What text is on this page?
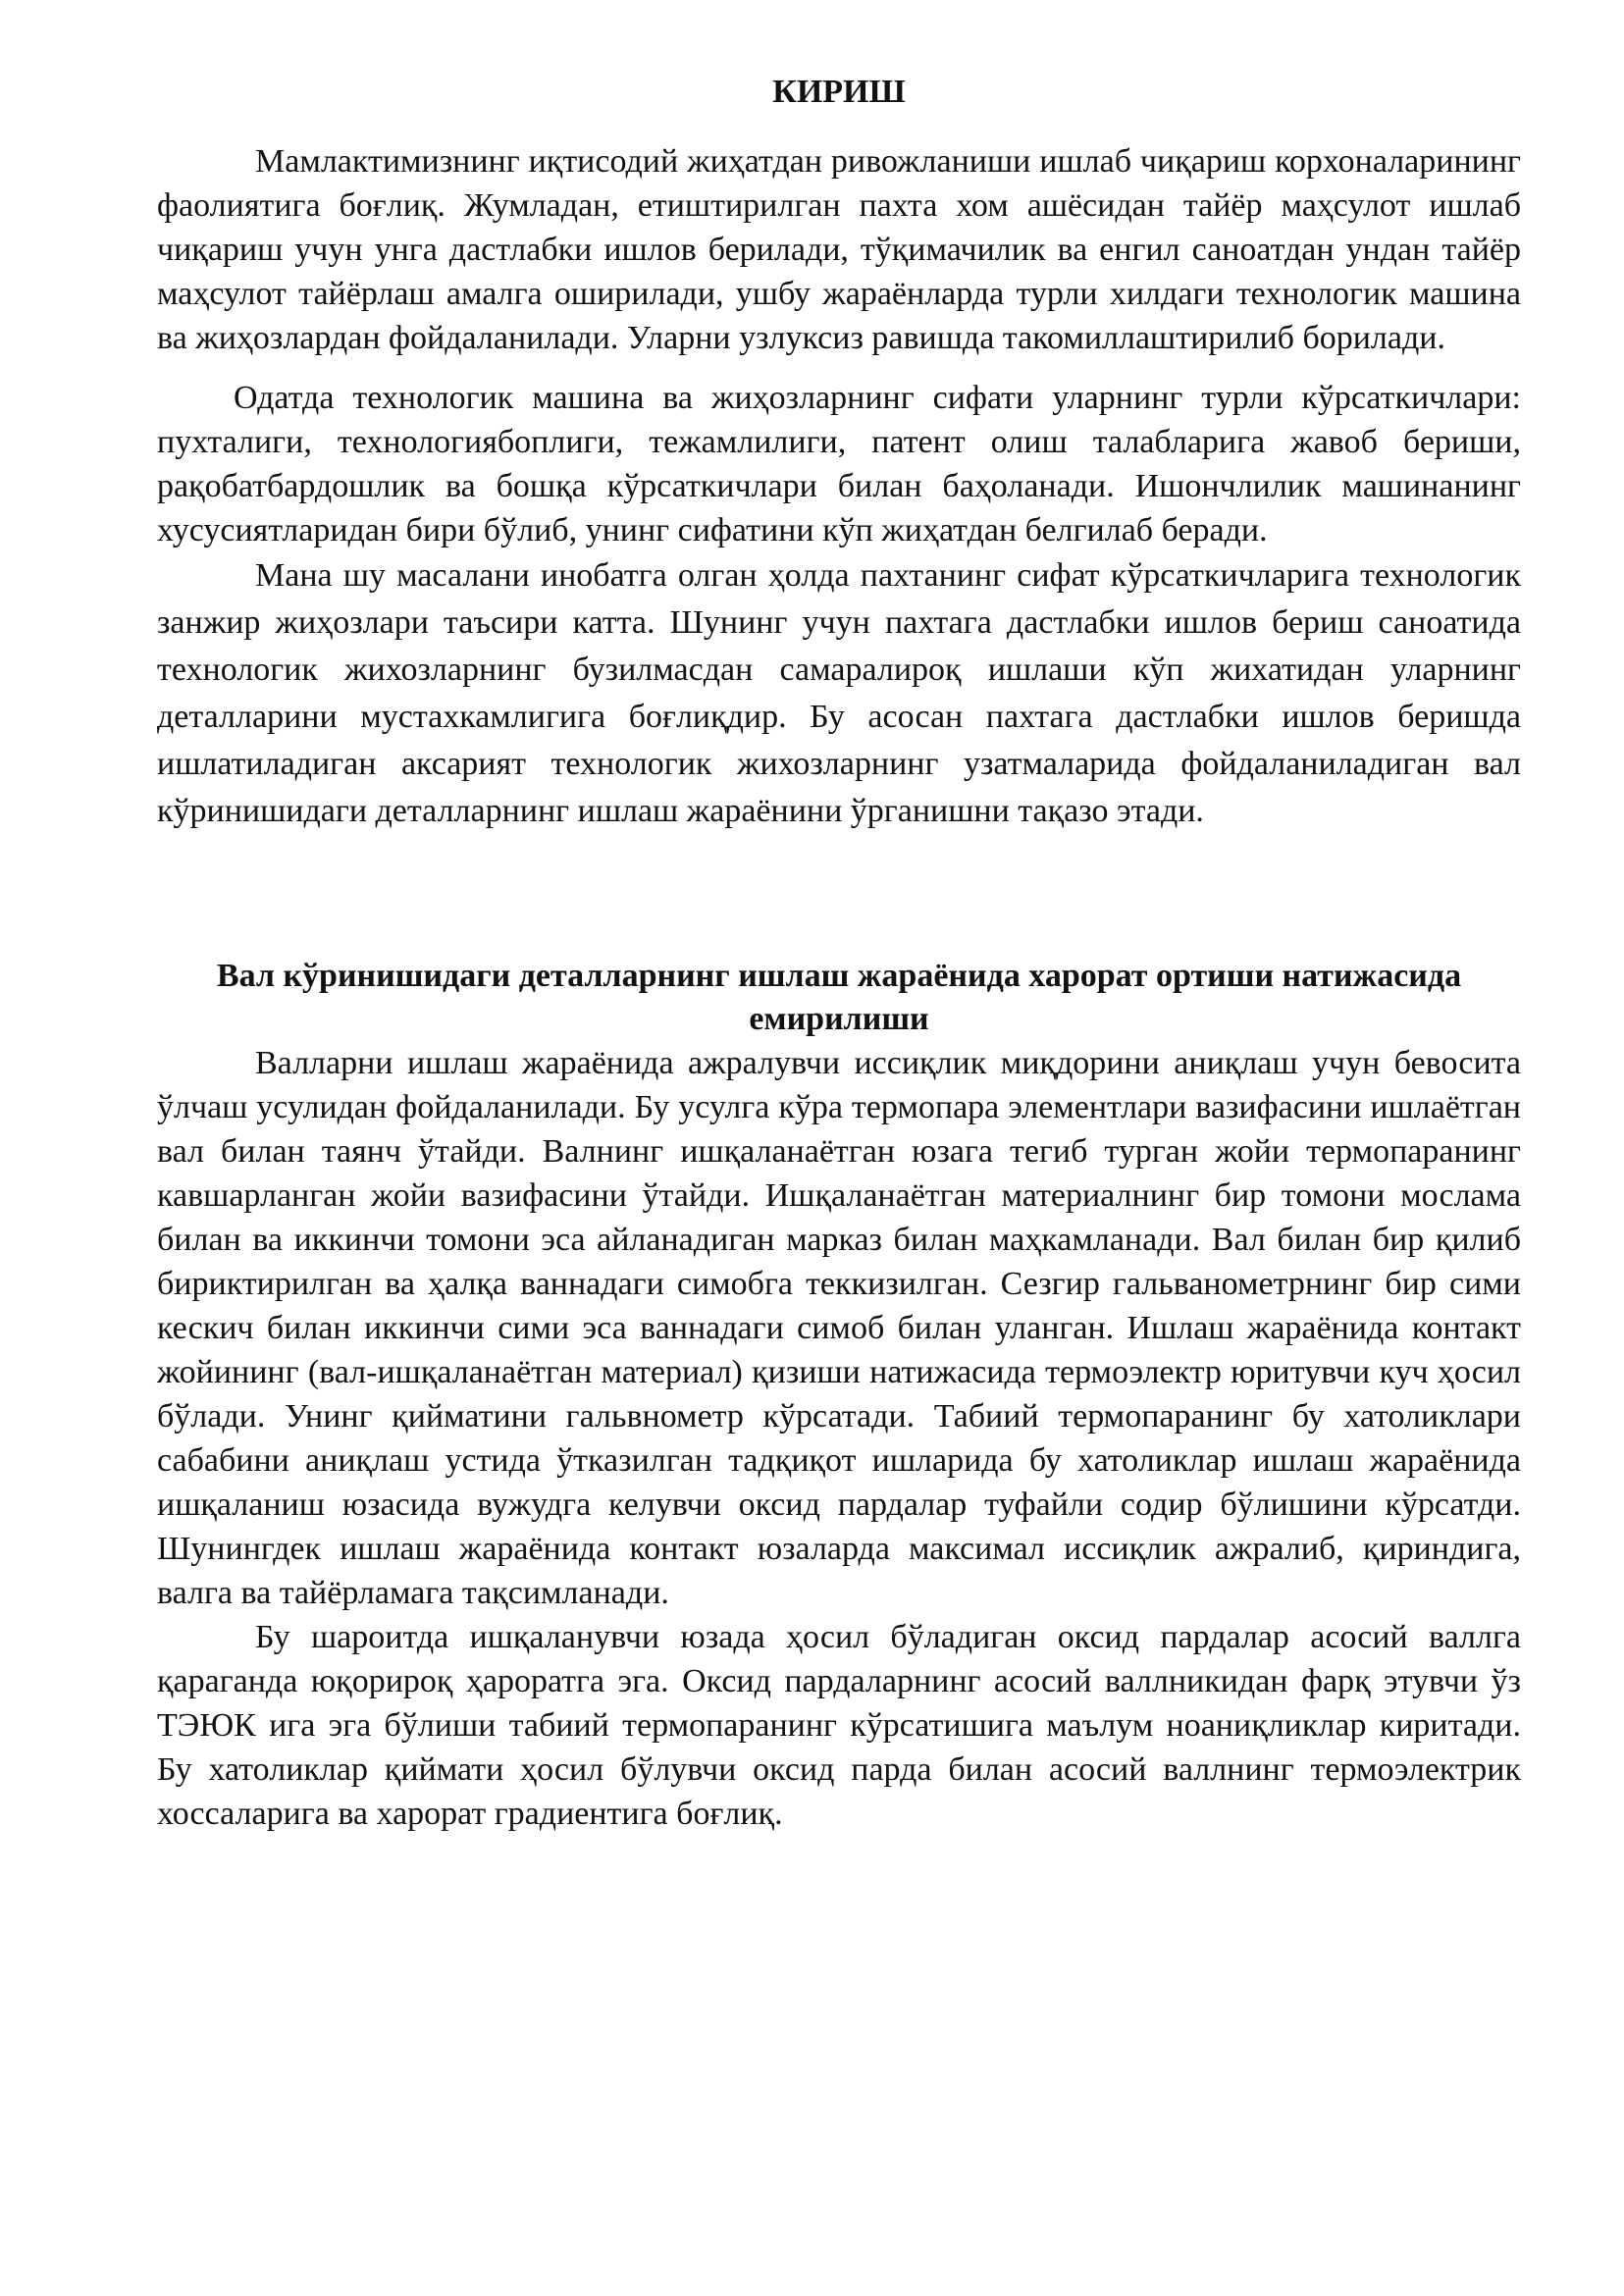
КИРИШ

Мамлактимизнинг иқтисодий жиҳатдан ривожланиши ишлаб чиқариш корхоналарининг фаолиятига боғлиқ. Жумладан, етиштирилган пахта хом ашёсидан тайёр маҳсулот ишлаб чиқариш учун унга дастлабки ишлов берилади, тўқимачилик ва енгил саноатдан ундан тайёр маҳсулот тайёрлаш амалга оширилади, ушбу жараёнларда турли хилдаги технологик машина ва жиҳозлардан фойдаланилади. Уларни узлуксиз равишда такомиллаштирилиб борилади.

Одатда технологик машина ва жиҳозларнинг сифати уларнинг турли кўрсаткичлари: пухталиги, технологиябоплиги, тежамлилиги, патент олиш талабларига жавоб бериши, рақобатбардошлик ва бошқа кўрсаткичлари билан баҳоланади. Ишончлилик машинанинг хусусиятларидан бири бўлиб, унинг сифатини кўп жиҳатдан белгилаб беради.

Мана шу масалани инобатга олган ҳолда пахтанинг сифат кўрсаткичларига технологик занжир жиҳозлари таъсири катта. Шунинг учун пахтага дастлабки ишлов бериш саноатида технологик жихозларнинг бузилмасдан самаралироқ ишлаши кўп жихатидан уларнинг деталларини мустахкамлигига боғлиқдир. Бу асосан пахтага дастлабки ишлов беришда ишлатиладиган аксарият технологик жихозларнинг узатмаларида фойдаланиладиган вал кўринишидаги деталларнинг ишлаш жараёнини ўрганишни тақазо этади.

Вал кўринишидаги деталларнинг ишлаш жараёнида харорат ортиши натижасида емирилиши

Валларни ишлаш жараёнида ажралувчи иссиқлик миқдорини аниқлаш учун бевосита ўлчаш усулидан фойдаланилади. Бу усулга кўра термопара элементлари вазифасини ишлаётган вал билан таянч ўтайди. Валнинг ишқаланаётган юзага тегиб турган жойи термопаранинг кавшарланган жойи вазифасини ўтайди. Ишқаланаётган материалнинг бир томони мослама билан ва иккинчи томони эса айланадиган марказ билан маҳкамланади. Вал билан бир қилиб бириктирилган ва ҳалқа ваннадаги симобга теккизилган. Сезгир гальванометрнинг бир сими кескич билан иккинчи сими эса ваннадаги симоб билан уланган. Ишлаш жараёнида контакт жойининг (вал-ишқаланаётган материал) қизиши натижасида термоэлектр юритувчи куч ҳосил бўлади. Унинг қийматини гальвнометр кўрсатади. Табиий термопаранинг бу хатоликлари сабабини аниқлаш устида ўтказилган тадқиқот ишларида бу хатоликлар ишлаш жараёнида ишқаланиш юзасида вужудга келувчи оксид пардалар туфайли содир бўлишини кўрсатди. Шунингдек ишлаш жараёнида контакт юзаларда максимал иссиқлик ажралиб, қириндига, валга ва тайёрламага тақсимланади.

Бу шароитда ишқаланувчи юзада ҳосил бўладиган оксид пардалар асосий валлга қараганда юқорироқ ҳароратга эга. Оксид пардаларнинг асосий валлникидан фарқ этувчи ўз ТЭЮК ига эга бўлиши табиий термопаранинг кўрсатишига маълум ноаниқликлар киритади. Бу хатоликлар қиймати ҳосил бўлувчи оксид парда билан асосий валлнинг термоэлектрик хоссаларига ва харорат градиентига боғлиқ.
